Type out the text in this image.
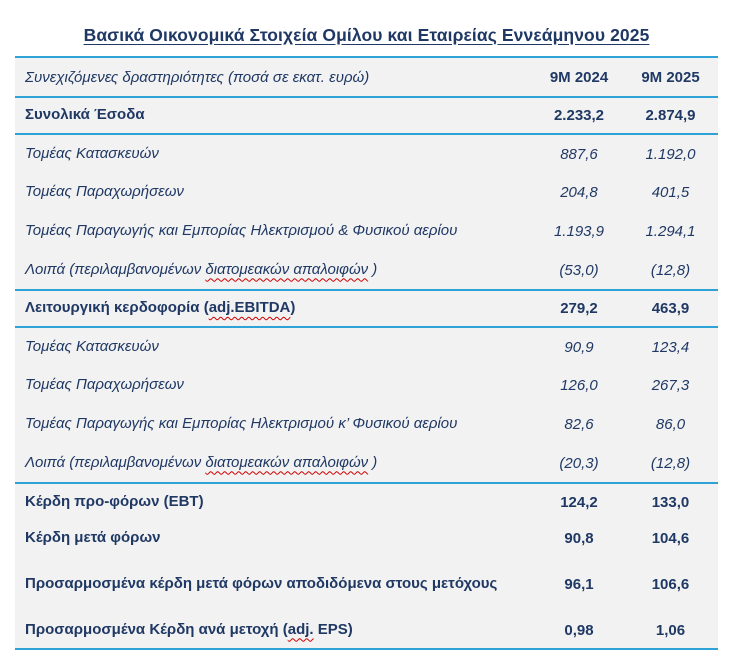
Βασικά Οικονομικά Στοιχεία Ομίλου και Εταιρείας Εννεάμηνου 2025
Συνεχιζόμενες δραστηριότητες (ποσά σε εκατ. ευρώ)	9M 2024	9M 2025
Συνολικά Έσοδα	2.233,2	2.874,9
Τομέας Κατασκευών	887,6	1.192,0
Τομέας Παραχωρήσεων	204,8	401,5
Τομέας Παραγωγής και Εμπορίας Ηλεκτρισμού & Φυσικού αερίου	1.193,9	1.294,1
Λοιπά (περιλαμβανομένων διατομεακών απαλοιφών )	(53,0)	(12,8)
Λειτουργική κερδοφορία (adj.EBITDA)	279,2	463,9
Τομέας Κατασκευών	90,9	123,4
Τομέας Παραχωρήσεων	126,0	267,3
Τομέας Παραγωγής και Εμπορίας Ηλεκτρισμού κ’ Φυσικού αερίου	82,6	86,0
Λοιπά (περιλαμβανομένων διατομεακών απαλοιφών )	(20,3)	(12,8)
Κέρδη προ-φόρων (EBT)	124,2	133,0
Κέρδη μετά φόρων	90,8	104,6
Προσαρμοσμένα κέρδη μετά φόρων αποδιδόμενα στους μετόχους	96,1	106,6
Προσαρμοσμένα Κέρδη ανά μετοχή (adj. EPS)	0,98	1,06
